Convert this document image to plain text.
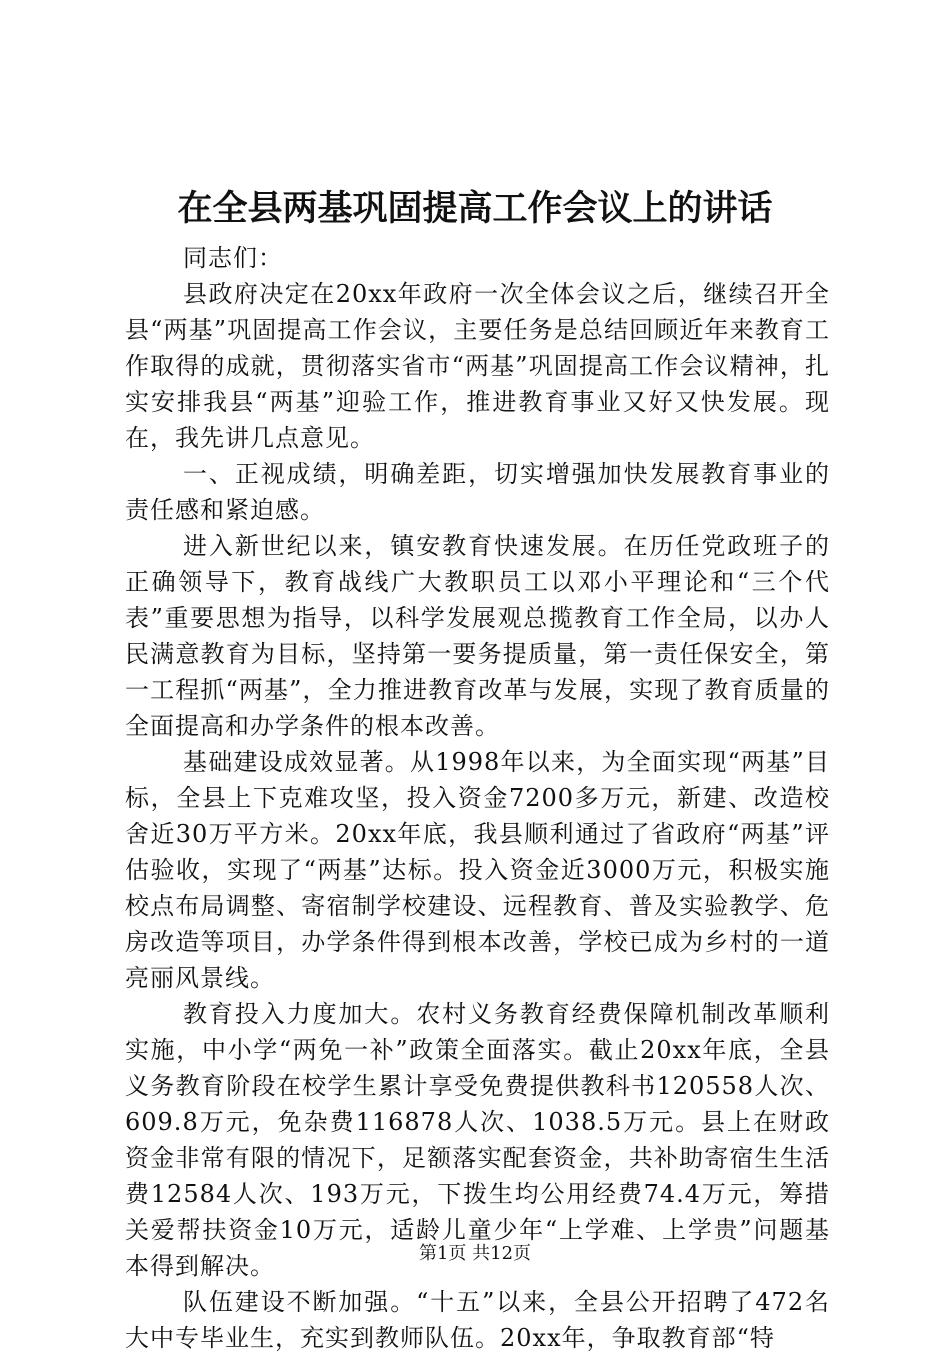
在全县两基巩固提高工作会议上的讲话

同志们：

县政府决定在20xx年政府一次全体会议之后，继续召开全县“两基”巩固提高工作会议，主要任务是总结回顾近年来教育工作取得的成就，贯彻落实省市“两基”巩固提高工作会议精神，扎实安排我县“两基”迎验工作，推进教育事业又好又快发展。现在，我先讲几点意见。

一、正视成绩，明确差距，切实增强加快发展教育事业的责任感和紧迫感。

进入新世纪以来，镇安教育快速发展。在历任党政班子的正确领导下，教育战线广大教职员工以邓小平理论和“三个代表”重要思想为指导，以科学发展观总揽教育工作全局，以办人民满意教育为目标，坚持第一要务提质量，第一责任保安全，第一工程抓“两基”，全力推进教育改革与发展，实现了教育质量的全面提高和办学条件的根本改善。

基础建设成效显著。从1998年以来，为全面实现“两基”目标，全县上下克难攻坚，投入资金7200多万元，新建、改造校舍近30万平方米。20xx年底，我县顺利通过了省政府“两基”评估验收，实现了“两基”达标。投入资金近3000万元，积极实施校点布局调整、寄宿制学校建设、远程教育、普及实验教学、危房改造等项目，办学条件得到根本改善，学校已成为乡村的一道亮丽风景线。

教育投入力度加大。农村义务教育经费保障机制改革顺利实施，中小学“两免一补”政策全面落实。截止20xx年底，全县义务教育阶段在校学生累计享受免费提供教科书120558人次、609.8万元，免杂费116878人次、1038.5万元。县上在财政资金非常有限的情况下，足额落实配套资金，共补助寄宿生生活费12584人次、193万元，下拨生均公用经费74.4万元，筹措关爱帮扶资金10万元，适龄儿童少年“上学难、上学贵”问题基本得到解决。

队伍建设不断加强。“十五”以来，全县公开招聘了472名大中专毕业生，充实到教师队伍。20xx年，争取教育部“特

第1页 共12页
